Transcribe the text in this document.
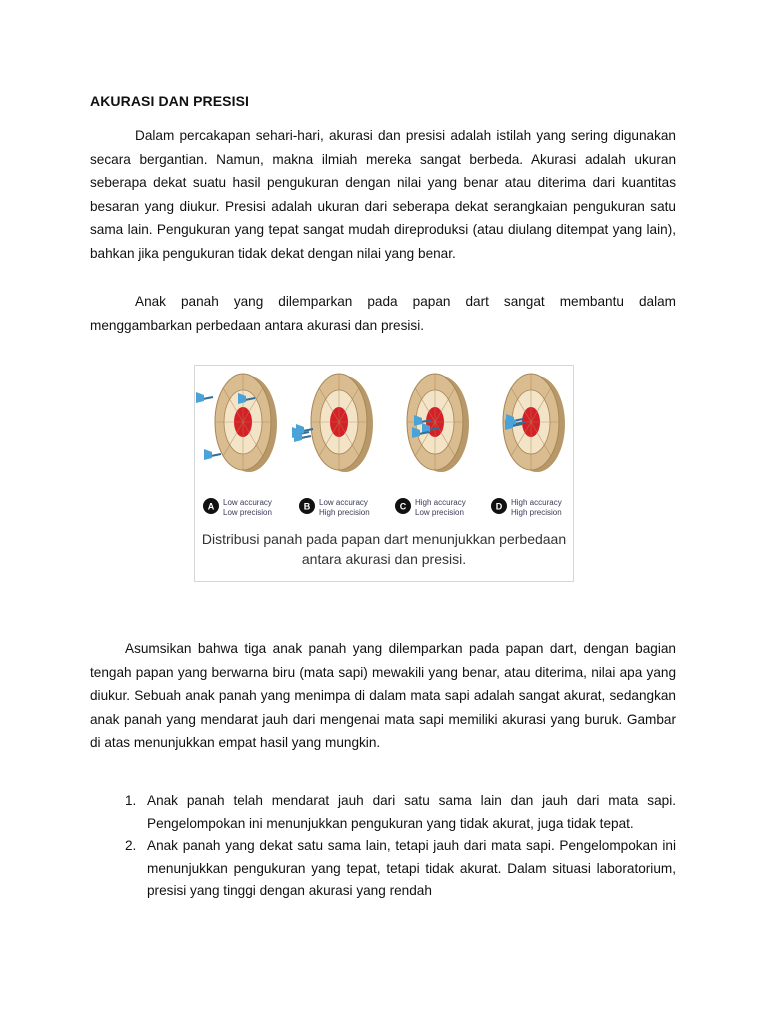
AKURASI DAN PRESISI

Dalam percakapan sehari-hari, akurasi dan presisi adalah istilah yang sering digunakan secara bergantian. Namun, makna ilmiah mereka sangat berbeda. Akurasi adalah ukuran seberapa dekat suatu hasil pengukuran dengan nilai yang benar atau diterima dari kuantitas besaran yang diukur. Presisi adalah ukuran dari seberapa dekat serangkaian pengukuran satu sama lain. Pengukuran yang tepat sangat mudah direproduksi (atau diulang ditempat yang lain), bahkan jika pengukuran tidak dekat dengan nilai yang benar.

Anak panah yang dilemparkan pada papan dart sangat membantu dalam menggambarkan perbedaan antara akurasi dan presisi.

A Low accuracy
Low precision
B Low accuracy
High precision
C High accuracy
Low precision
D High accuracy
High precision
Distribusi panah pada papan dart menunjukkan perbedaan
antara akurasi dan presisi.

Asumsikan bahwa tiga anak panah yang dilemparkan pada papan dart, dengan bagian tengah papan yang berwarna biru (mata sapi) mewakili yang benar, atau diterima, nilai apa yang diukur. Sebuah anak panah yang menimpa di dalam mata sapi adalah sangat akurat, sedangkan anak panah yang mendarat jauh dari mengenai mata sapi memiliki akurasi yang buruk. Gambar di atas menunjukkan empat hasil yang mungkin.

1. Anak panah telah mendarat jauh dari satu sama lain dan jauh dari mata sapi. Pengelompokan ini menunjukkan pengukuran yang tidak akurat, juga tidak tepat.
2. Anak panah yang dekat satu sama lain, tetapi jauh dari mata sapi. Pengelompokan ini menunjukkan pengukuran yang tepat, tetapi tidak akurat. Dalam situasi laboratorium, presisi yang tinggi dengan akurasi yang rendah
